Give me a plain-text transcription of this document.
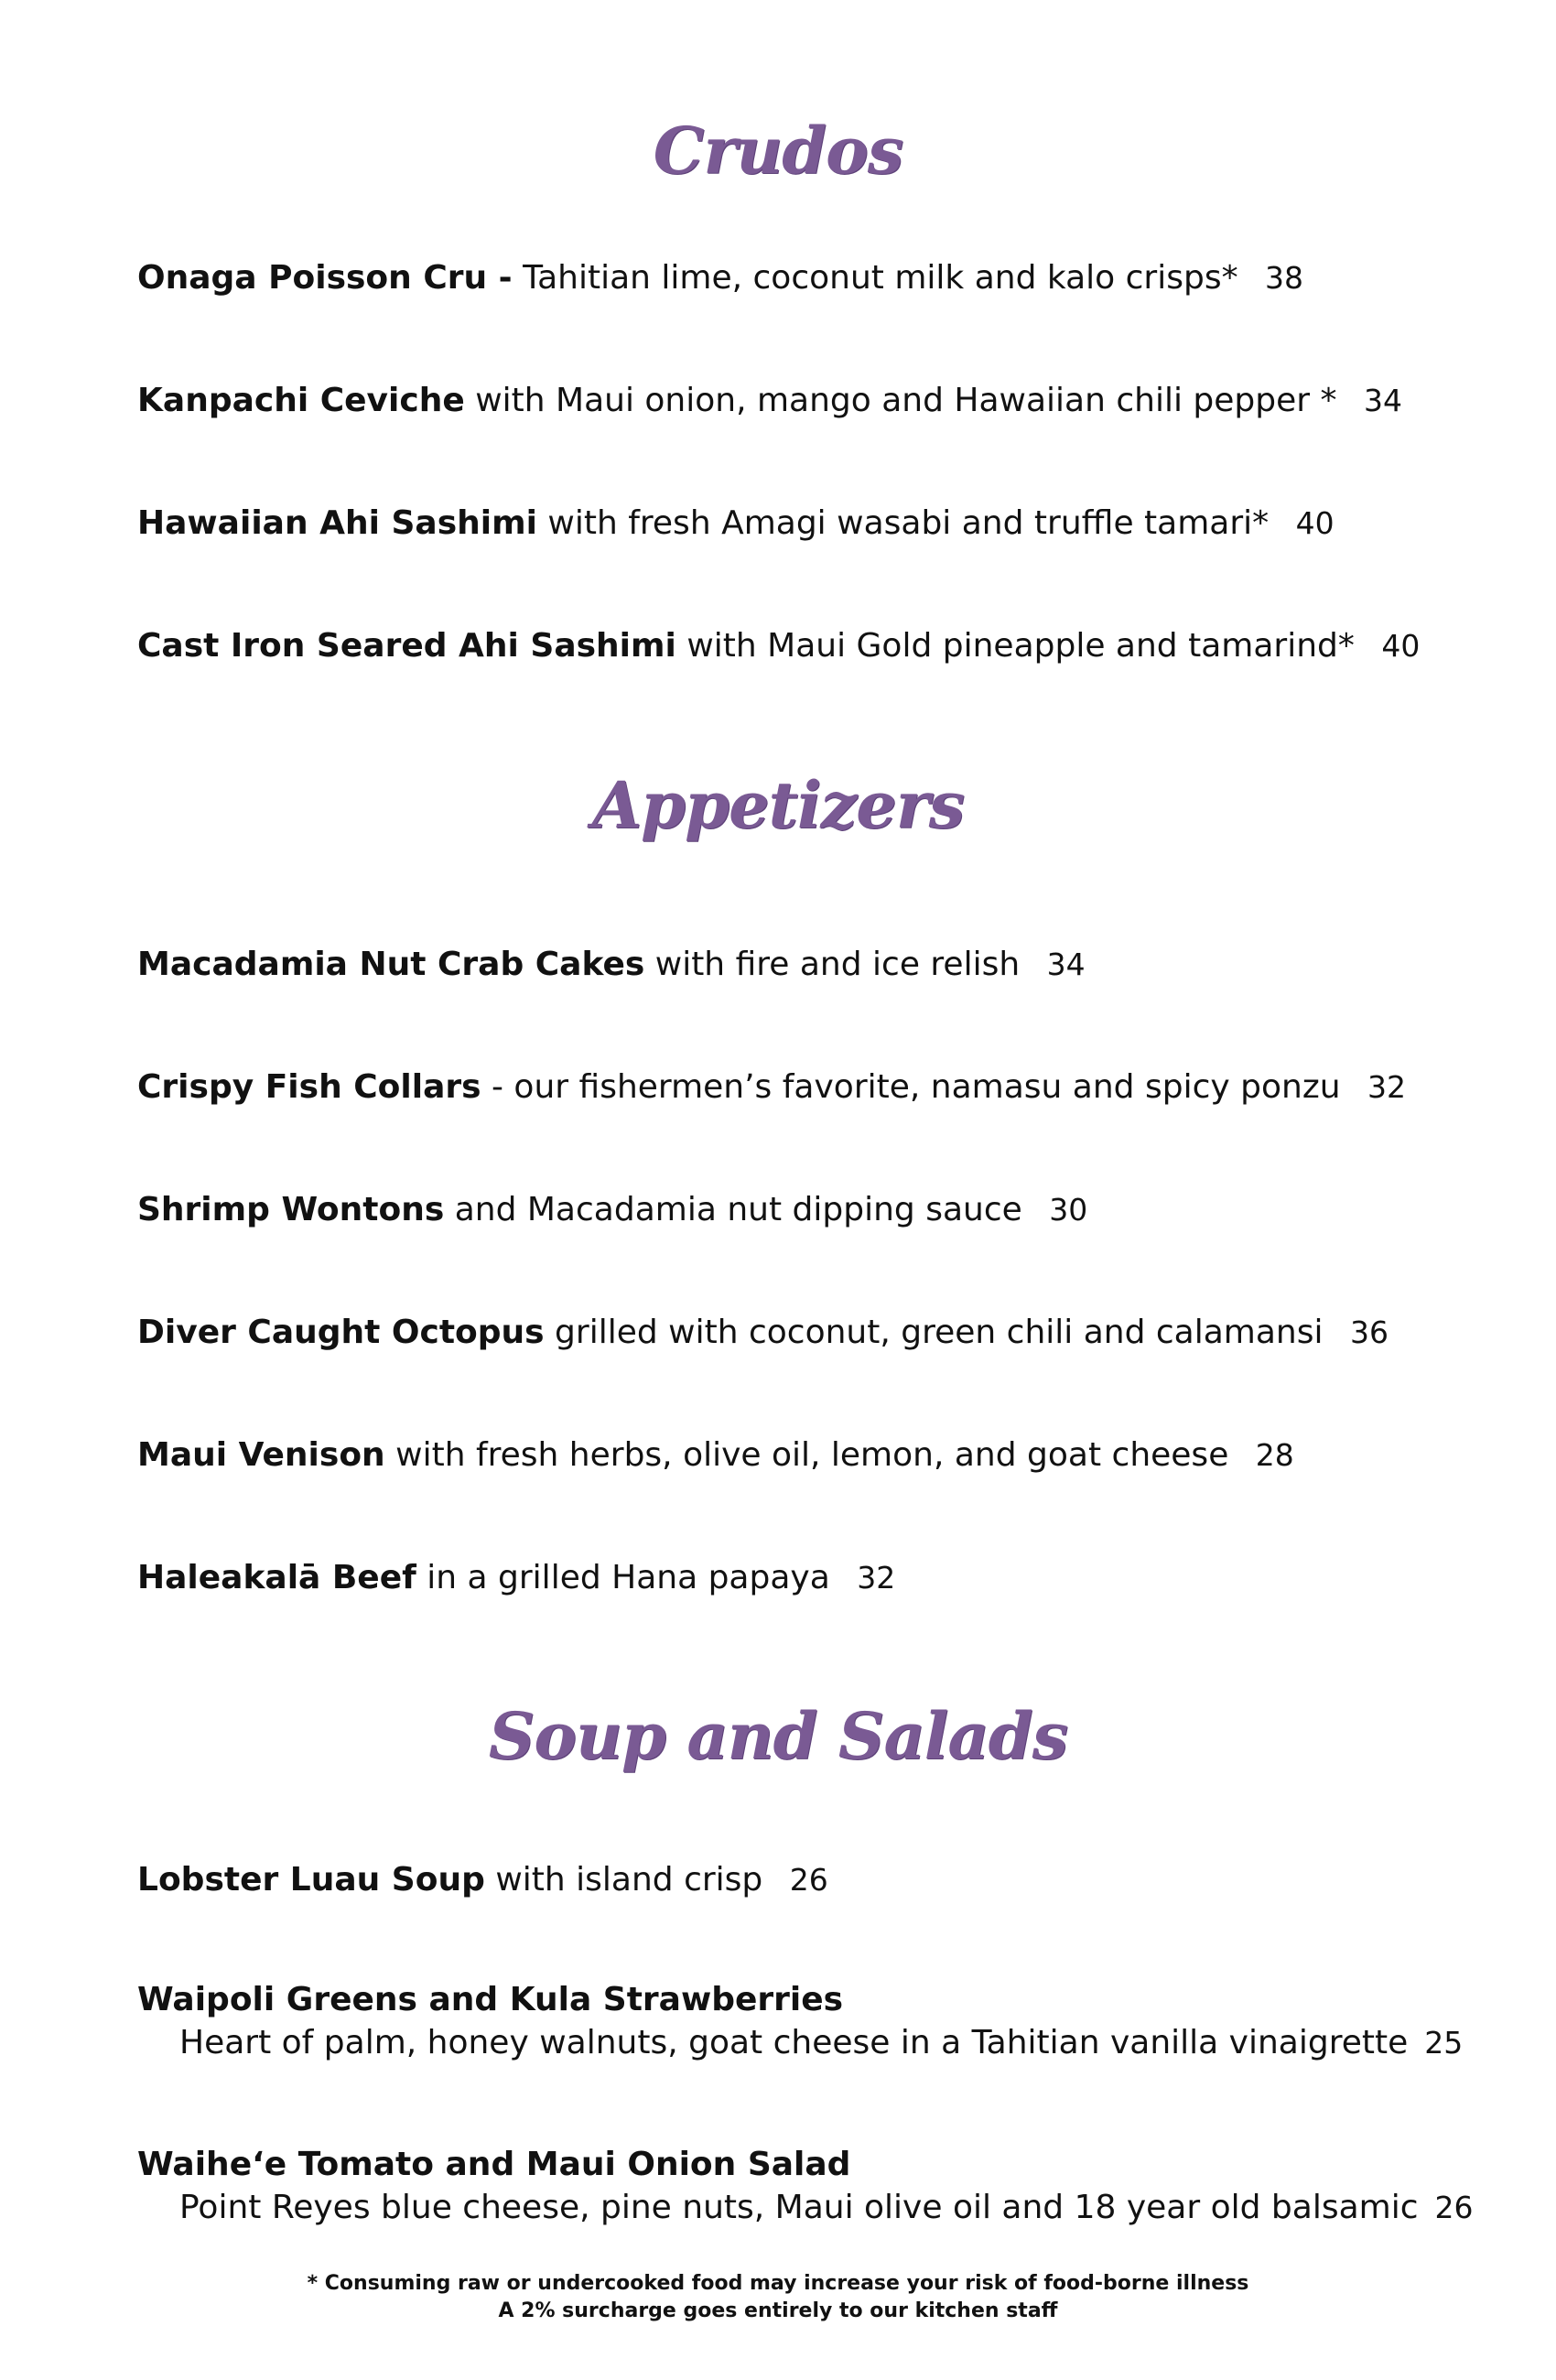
Crudos

Onaga Poisson Cru - Tahitian lime, coconut milk and kalo crisps* 38

Kanpachi Ceviche with Maui onion, mango and Hawaiian chili pepper * 34

Hawaiian Ahi Sashimi with fresh Amagi wasabi and truffle tamari* 40

Cast Iron Seared Ahi Sashimi with Maui Gold pineapple and tamarind* 40

Appetizers

Macadamia Nut Crab Cakes with fire and ice relish 34

Crispy Fish Collars - our fishermen’s favorite, namasu and spicy ponzu 32

Shrimp Wontons and Macadamia nut dipping sauce 30

Diver Caught Octopus grilled with coconut, green chili and calamansi 36

Maui Venison with fresh herbs, olive oil, lemon, and goat cheese 28

Haleakalā Beef in a grilled Hana papaya 32

Soup and Salads

Lobster Luau Soup with island crisp 26

Waipoli Greens and Kula Strawberries
Heart of palm, honey walnuts, goat cheese in a Tahitian vanilla vinaigrette 25
Waihe‘e Tomato and Maui Onion Salad
Point Reyes blue cheese, pine nuts, Maui olive oil and 18 year old balsamic 26
* Consuming raw or undercooked food may increase your risk of food-borne illness
A 2% surcharge goes entirely to our kitchen staff
